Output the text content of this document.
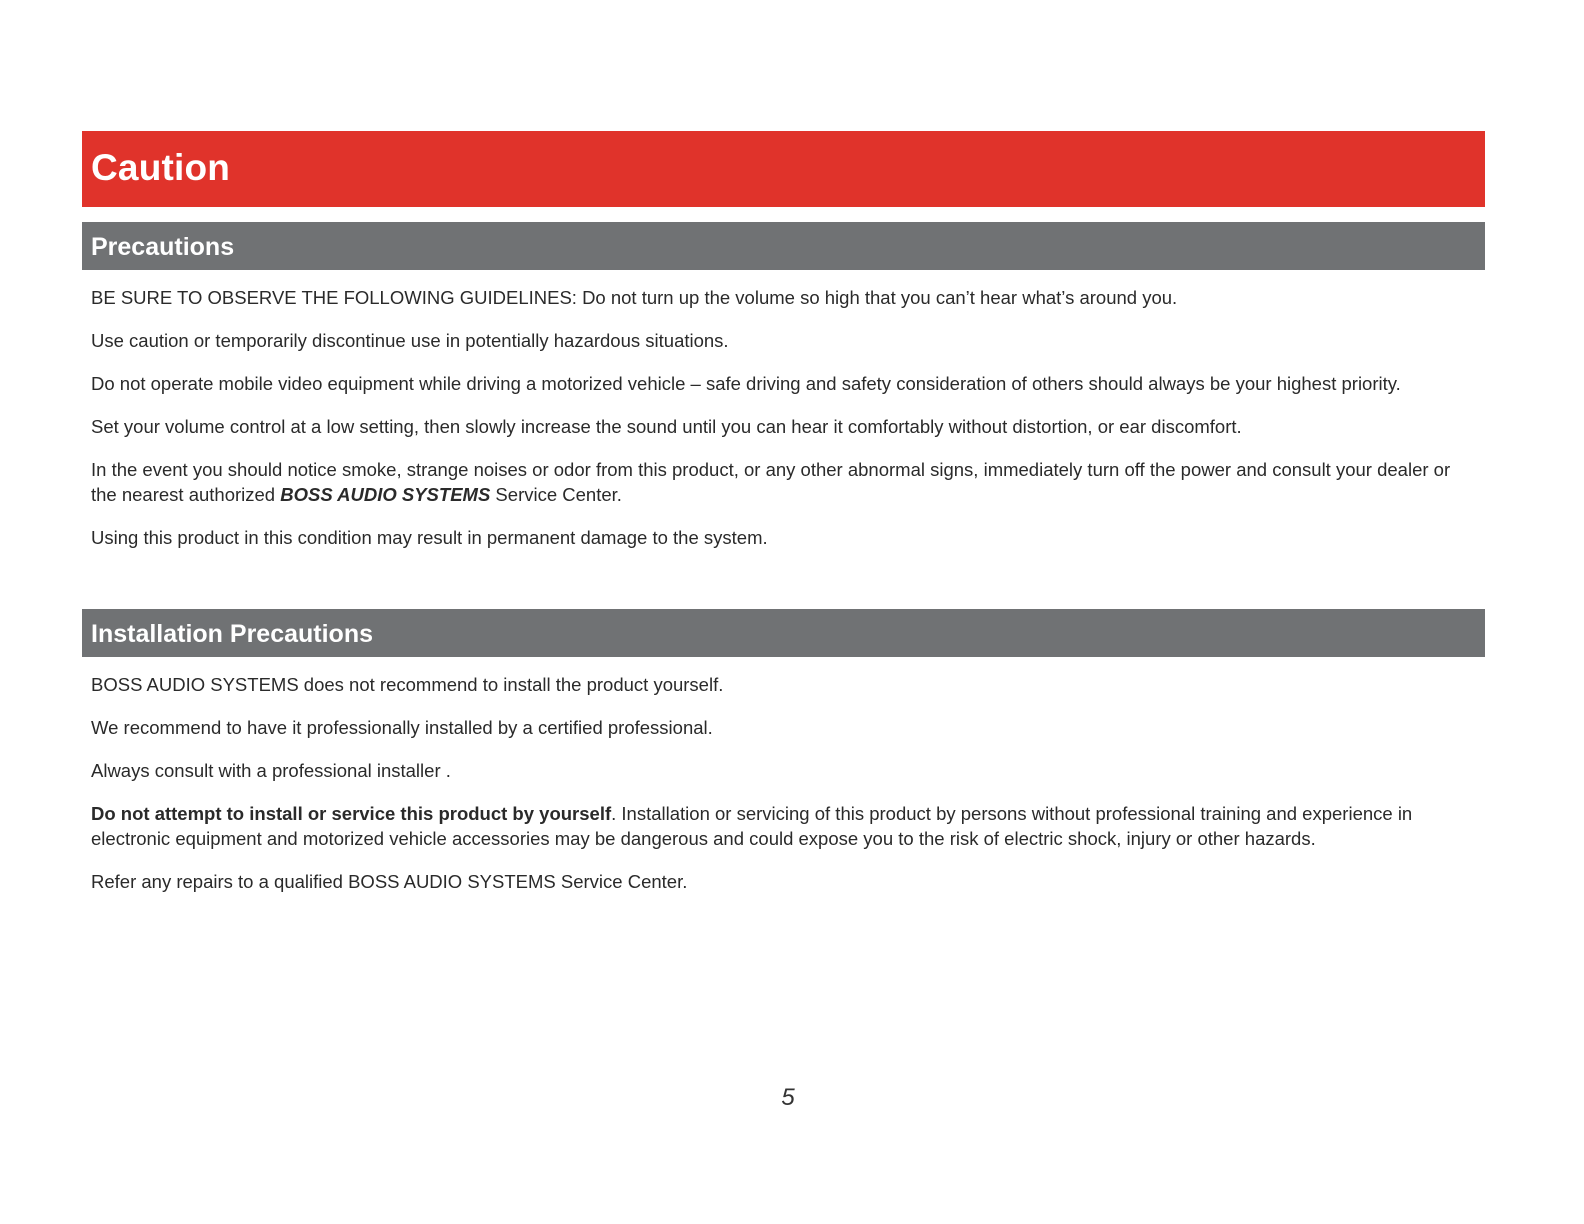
Caution
Precautions

BE SURE TO OBSERVE THE FOLLOWING GUIDELINES: Do not turn up the volume so high that you can’t hear what’s around you.

Use caution or temporarily discontinue use in potentially hazardous situations.

Do not operate mobile video equipment while driving a motorized vehicle – safe driving and safety consideration of others should always be your highest priority.

Set your volume control at a low setting, then slowly increase the sound until you can hear it comfortably without distortion, or ear discomfort.

In the event you should notice smoke, strange noises or odor from this product, or any other abnormal signs, immediately turn off the power and consult your dealer or the nearest authorized BOSS AUDIO SYSTEMS Service Center.

Using this product in this condition may result in permanent damage to the system.

Installation Precautions

BOSS AUDIO SYSTEMS does not recommend to install the product yourself.

We recommend to have it professionally installed by a certified professional.

Always consult with a professional installer .

Do not attempt to install or service this product by yourself. Installation or servicing of this product by persons without professional training and experience in electronic equipment and motorized vehicle accessories may be dangerous and could expose you to the risk of electric shock, injury or other hazards.

Refer any repairs to a qualified BOSS AUDIO SYSTEMS Service Center.

5
